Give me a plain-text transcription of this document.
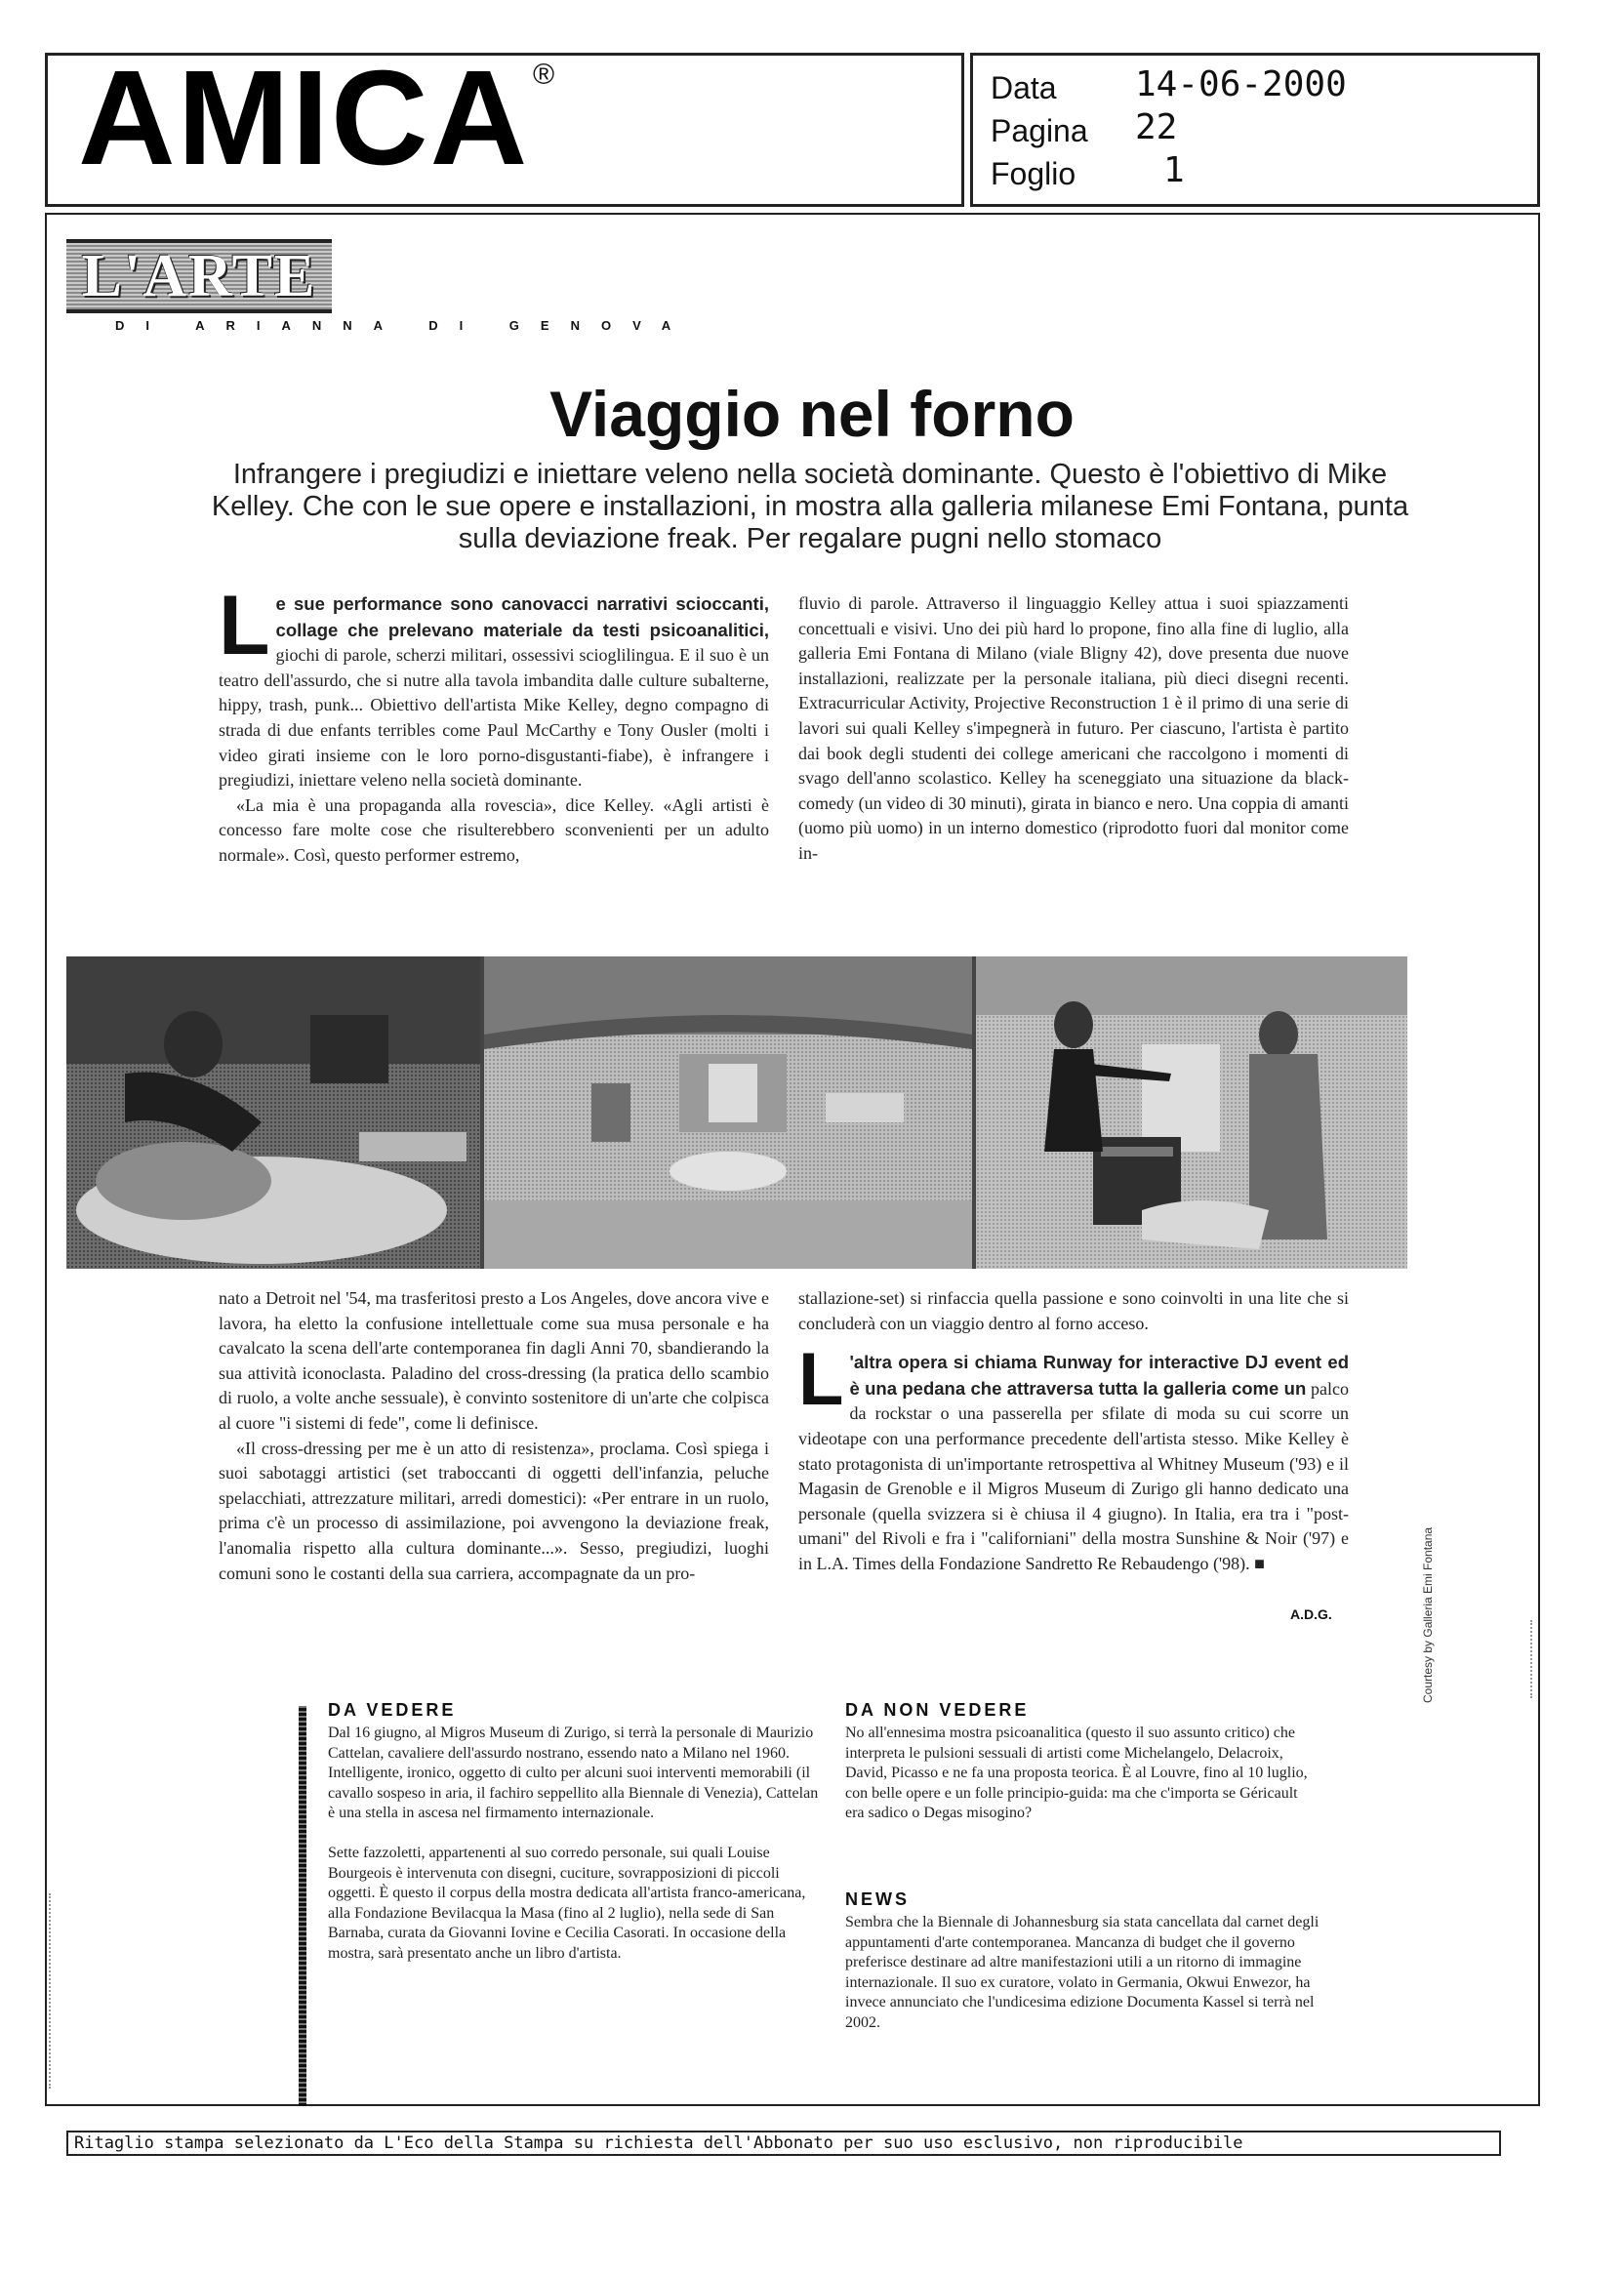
AMICA ®	Data 14-06-2000
Pagina 22
Foglio 1
L'ARTE
DI ARIANNA DI GENOVA
Viaggio nel forno
Infrangere i pregiudizi e iniettare veleno nella società dominante. Questo è l'obiettivo di Mike Kelley. Che con le sue opere e installazioni, in mostra alla galleria milanese Emi Fontana, punta sulla deviazione freak. Per regalare pugni nello stomaco

L e sue performance sono canovacci narrativi scioccanti, collage che prelevano materiale da testi psicoanalitici, giochi di parole, scherzi militari, ossessivi scioglilingua. E il suo è un teatro dell'assurdo, che si nutre alla tavola imbandita dalle culture subalterne, hippy, trash, punk... Obiettivo dell'artista Mike Kelley, degno compagno di strada di due enfants terribles come Paul McCarthy e Tony Ousler (molti i video girati insieme con le loro porno-disgustanti-fiabe), è infrangere i pregiudizi, iniettare veleno nella società dominante.

«La mia è una propaganda alla rovescia», dice Kelley. «Agli artisti è concesso fare molte cose che risulterebbero sconvenienti per un adulto normale». Così, questo performer estremo,

fluvio di parole. Attraverso il linguaggio Kelley attua i suoi spiazzamenti concettuali e visivi. Uno dei più hard lo propone, fino alla fine di luglio, alla galleria Emi Fontana di Milano (viale Bligny 42), dove presenta due nuove installazioni, realizzate per la personale italiana, più dieci disegni recenti. Extracurricular Activity, Projective Reconstruction 1 è il primo di una serie di lavori sui quali Kelley s'impegnerà in futuro. Per ciascuno, l'artista è partito dai book degli studenti dei college americani che raccolgono i momenti di svago dell'anno scolastico. Kelley ha sceneggiato una situazione da black-comedy (un video di 30 minuti), girata in bianco e nero. Una coppia di amanti (uomo più uomo) in un interno domestico (riprodotto fuori dal monitor come in-

Alcune scene tratte dalla videoinstallazione di Mike Kelley, Extracurricular Activity, Projective Reconstruction 1

nato a Detroit nel '54, ma trasferitosi presto a Los Angeles, dove ancora vive e lavora, ha eletto la confusione intellettuale come sua musa personale e ha cavalcato la scena dell'arte contemporanea fin dagli Anni 70, sbandierando la sua attività iconoclasta. Paladino del cross-dressing (la pratica dello scambio di ruolo, a volte anche sessuale), è convinto sostenitore di un'arte che colpisca al cuore "i sistemi di fede", come li definisce.

«Il cross-dressing per me è un atto di resistenza», proclama. Così spiega i suoi sabotaggi artistici (set traboccanti di oggetti dell'infanzia, peluche spelacchiati, attrezzature militari, arredi domestici): «Per entrare in un ruolo, prima c'è un processo di assimilazione, poi avvengono la deviazione freak, l'anomalia rispetto alla cultura dominante...». Sesso, pregiudizi, luoghi comuni sono le costanti della sua carriera, accompagnate da un pro-

stallazione-set) si rinfaccia quella passione e sono coinvolti in una lite che si concluderà con un viaggio dentro al forno acceso.

L 'altra opera si chiama Runway for interactive DJ event ed è una pedana che attraversa tutta la galleria come un palco da rockstar o una passerella per sfilate di moda su cui scorre un videotape con una performance precedente dell'artista stesso. Mike Kelley è stato protagonista di un'importante retrospettiva al Whitney Museum ('93) e il Magasin de Grenoble e il Migros Museum di Zurigo gli hanno dedicato una personale (quella svizzera si è chiusa il 4 giugno). In Italia, era tra i "post-umani" del Rivoli e fra i "californiani" della mostra Sunshine & Noir ('97) e in L.A. Times della Fondazione Sandretto Re Rebaudengo ('98). ■

A.D.G.	Courtesy by Galleria Emi Fontana
DA VEDERE

Dal 16 giugno, al Migros Museum di Zurigo, si terrà la personale di Maurizio Cattelan, cavaliere dell'assurdo nostrano, essendo nato a Milano nel 1960. Intelligente, ironico, oggetto di culto per alcuni suoi interventi memorabili (il cavallo sospeso in aria, il fachiro seppellito alla Biennale di Venezia), Cattelan è una stella in ascesa nel firmamento internazionale.

Sette fazzoletti, appartenenti al suo corredo personale, sui quali Louise Bourgeois è intervenuta con disegni, cuciture, sovrapposizioni di piccoli oggetti. È questo il corpus della mostra dedicata all'artista franco-americana, alla Fondazione Bevilacqua la Masa (fino al 2 luglio), nella sede di San Barnaba, curata da Giovanni Iovine e Cecilia Casorati. In occasione della mostra, sarà presentato anche un libro d'artista.

DA NON VEDERE

No all'ennesima mostra psicoanalitica (questo il suo assunto critico) che interpreta le pulsioni sessuali di artisti come Michelangelo, Delacroix, David, Picasso e ne fa una proposta teorica. È al Louvre, fino al 10 luglio, con belle opere e un folle principio-guida: ma che c'importa se Géricault era sadico o Degas misogino?

NEWS

Sembra che la Biennale di Johannesburg sia stata cancellata dal carnet degli appuntamenti d'arte contemporanea. Mancanza di budget che il governo preferisce destinare ad altre manifestazioni utili a un ritorno di immagine internazionale. Il suo ex curatore, volato in Germania, Okwui Enwezor, ha invece annunciato che l'undicesima edizione Documenta Kassel si terrà nel 2002.

Ritaglio stampa selezionato da L'Eco della Stampa su richiesta dell'Abbonato per suo uso esclusivo, non riproducibile
